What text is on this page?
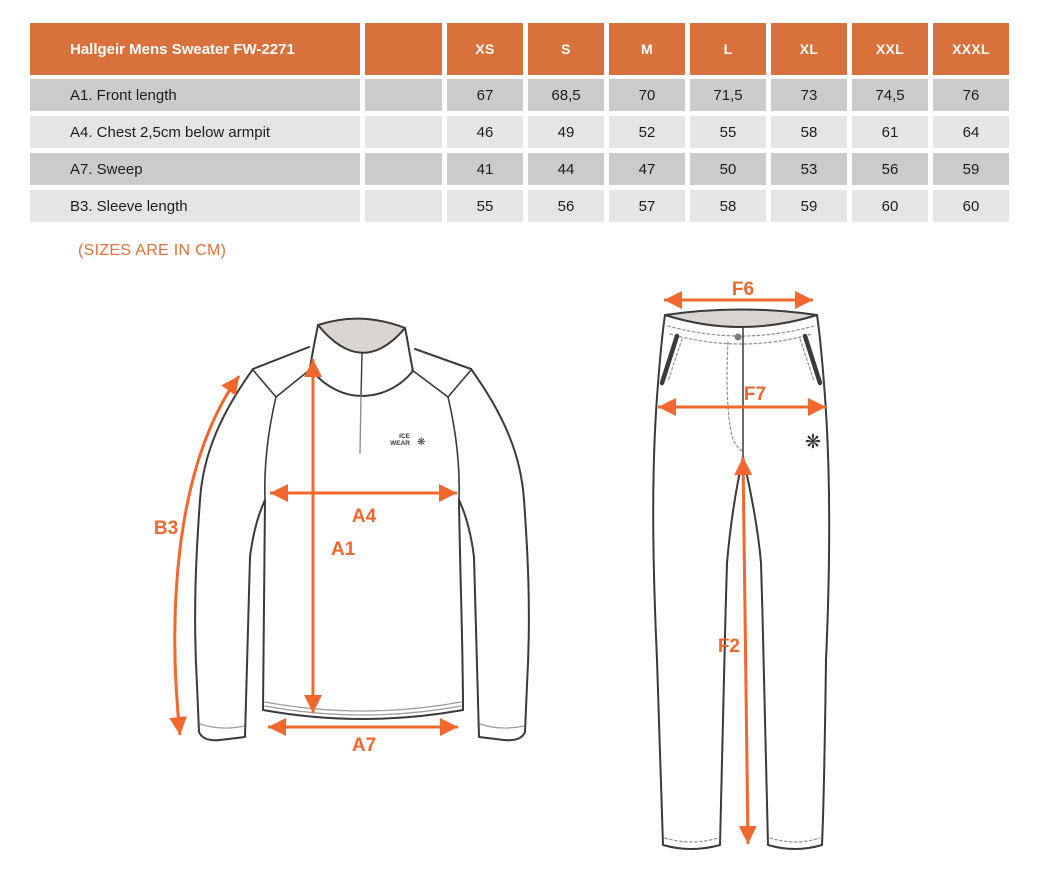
Hallgeir Mens Sweater FW-2271	XS	S	M	L	XL	XXL	XXXL
A1. Front length	67	68,5	70	71,5	73	74,5	76
A4. Chest 2,5cm below armpit	46	49	52	55	58	61	64
A7. Sweep	41	44	47	50	53	56	59
B3. Sleeve length	55	56	57	58	59	60	60
(SIZES ARE IN CM)
ICE
WEAR ❋
B3
A4
A1
A7
❋
F6
F7
F2
